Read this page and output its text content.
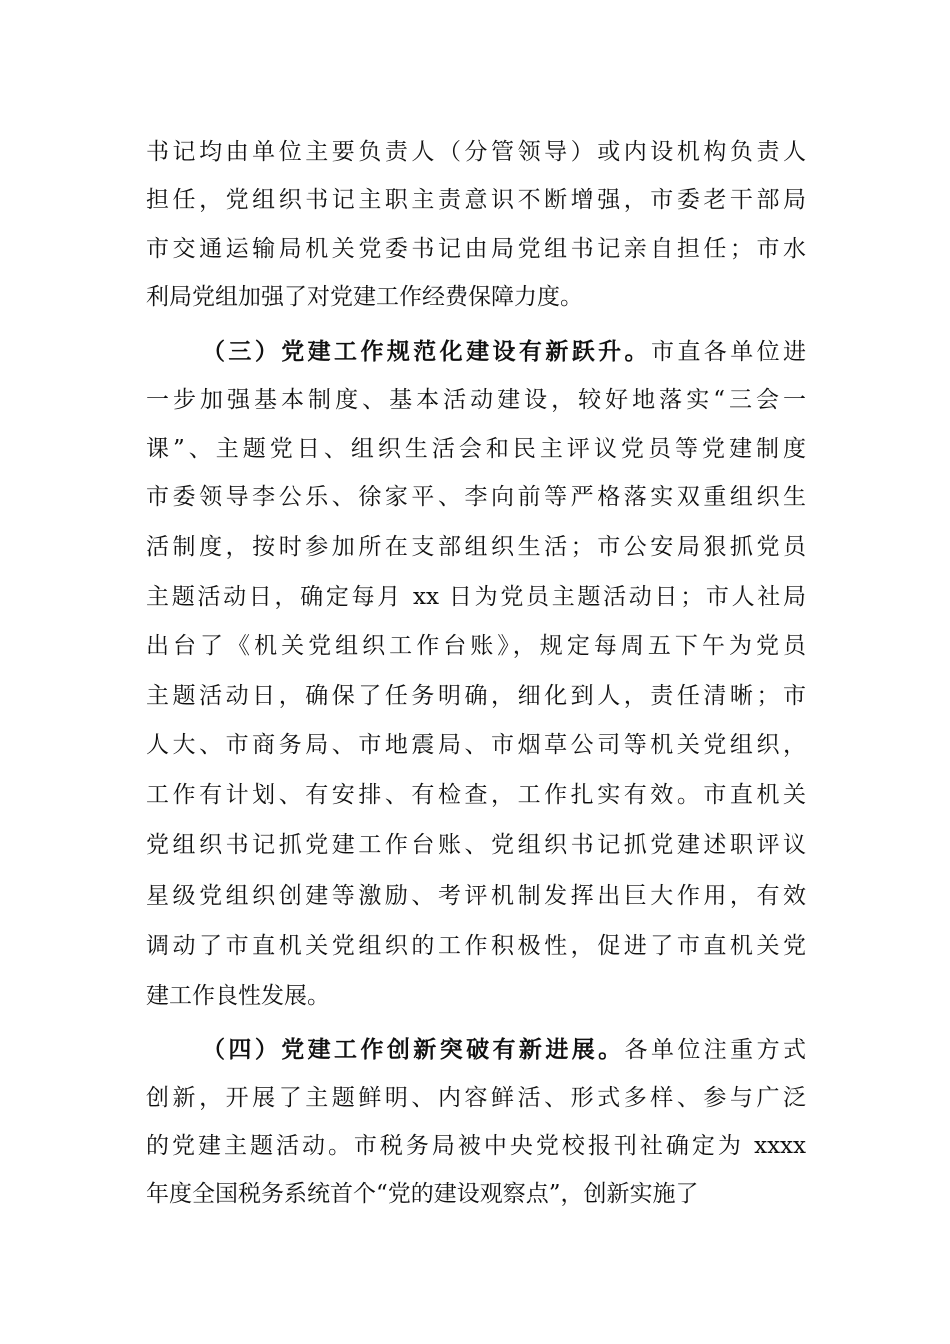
书记均由单位主要负责人（分管领导）或内设机构负责人
担任，党组织书记主职主责意识不断增强，市委老干部局
市交通运输局机关党委书记由局党组书记亲自担任；市水
利局党组加强了对党建工作经费保障力度。
（三）党建工作规范化建设有新跃升。市直各单位进
一步加强基本制度、基本活动建设，较好地落实“三会一
课”、主题党日、组织生活会和民主评议党员等党建制度
市委领导李公乐、徐家平、李向前等严格落实双重组织生
活制度，按时参加所在支部组织生活；市公安局狠抓党员
主题活动日，确定每月 xx 日为党员主题活动日；市人社局
出台了《机关党组织工作台账》，规定每周五下午为党员
主题活动日，确保了任务明确，细化到人，责任清晰；市
人大、市商务局、市地震局、市烟草公司等机关党组织，
工作有计划、有安排、有检查，工作扎实有效。市直机关
党组织书记抓党建工作台账、党组织书记抓党建述职评议
星级党组织创建等激励、考评机制发挥出巨大作用，有效
调动了市直机关党组织的工作积极性，促进了市直机关党
建工作良性发展。
（四）党建工作创新突破有新进展。各单位注重方式
创新，开展了主题鲜明、内容鲜活、形式多样、参与广泛
的党建主题活动。市税务局被中央党校报刊社确定为 xxxx
年度全国税务系统首个“党的建设观察点”，创新实施了
